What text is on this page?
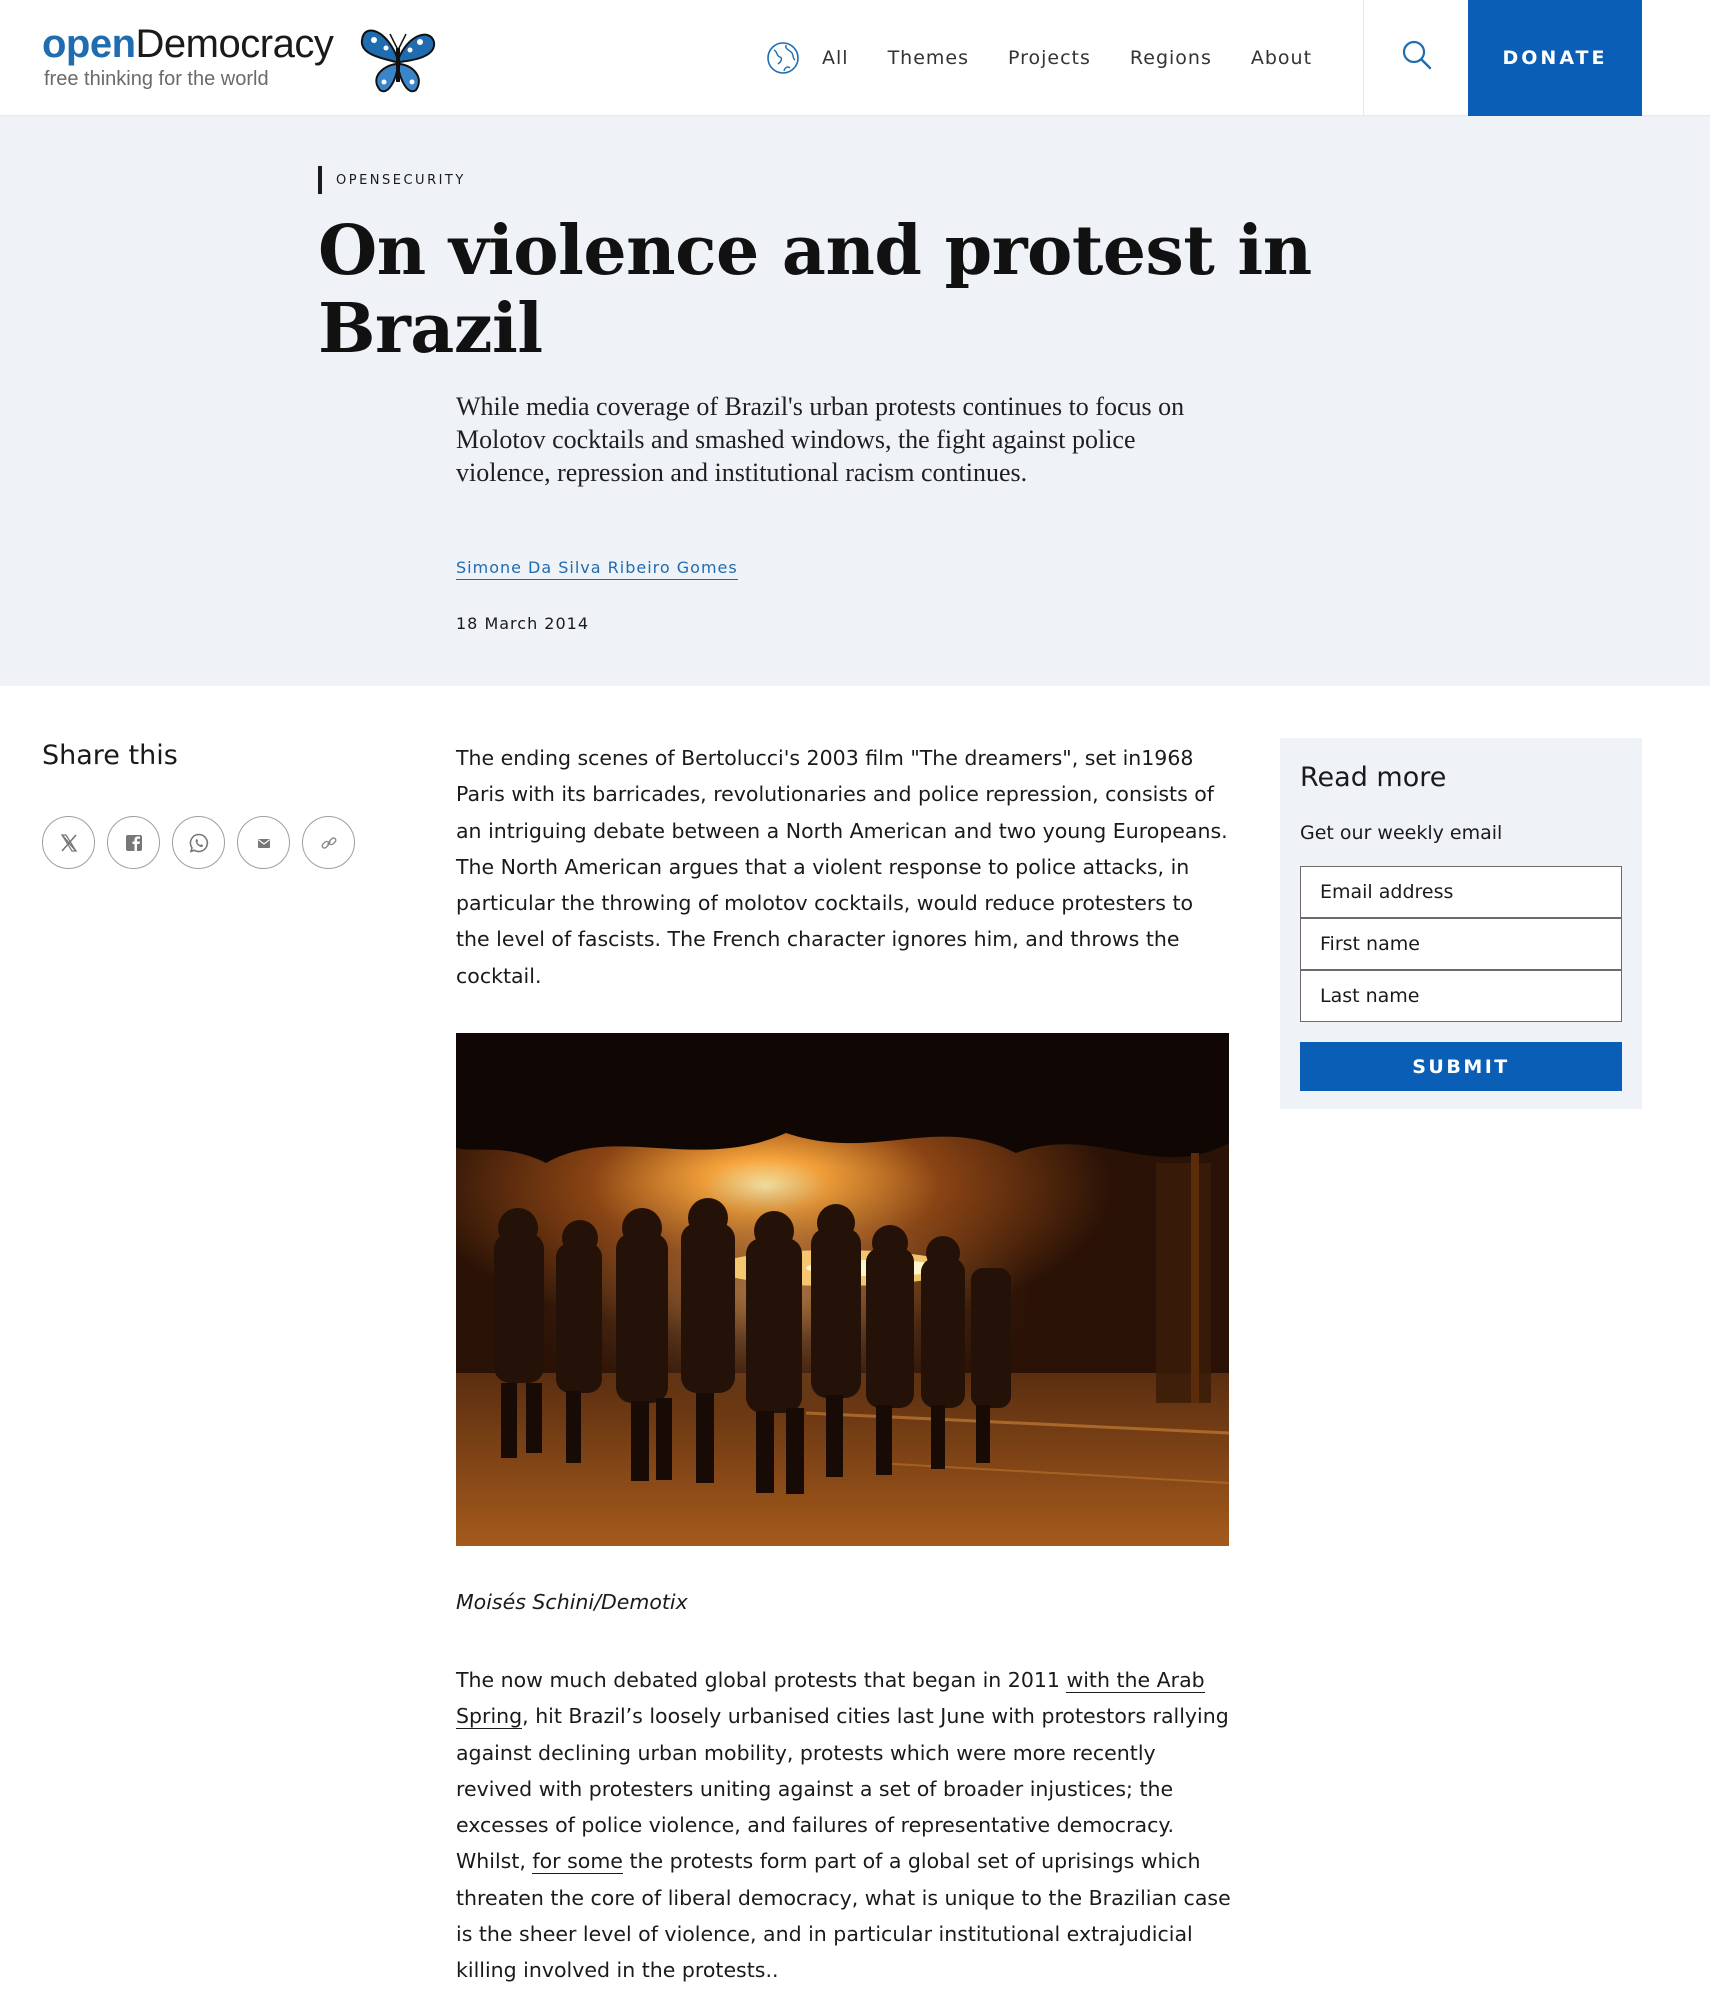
openDemocracy
free thinking for the world
All Themes Projects Regions About	DONATE
OPENSECURITY
On violence and protest in Brazil

While media coverage of Brazil's urban protests continues to focus on Molotov cocktails and smashed windows, the fight against police violence, repression and institutional racism continues.

Simone Da Silva Ribeiro Gomes
18 March 2014
Share this	The ending scenes of Bertolucci's 2003 film "The dreamers", set in1968 Paris with its barricades, revolutionaries and police repression, consists of an intriguing debate between a North American and two young Europeans. The North American argues that a violent response to police attacks, in particular the throwing of molotov cocktails, would reduce protesters to the level of fascists. The French character ignores him, and throws the cocktail.

Moisés Schini/Demotix

The now much debated global protests that began in 2011 with the Arab Spring, hit Brazil’s loosely urbanised cities last June with protestors rallying against declining urban mobility, protests which were more recently revived with protesters uniting against a set of broader injustices; the excesses of police violence, and failures of representative democracy. Whilst, for some the protests form part of a global set of uprisings which threaten the core of liberal democracy, what is unique to the Brazilian case is the sheer level of violence, and in particular institutional extrajudicial killing involved in the protests..

Read more
Get our weekly email
Email address
First name
Last name
SUBMIT
